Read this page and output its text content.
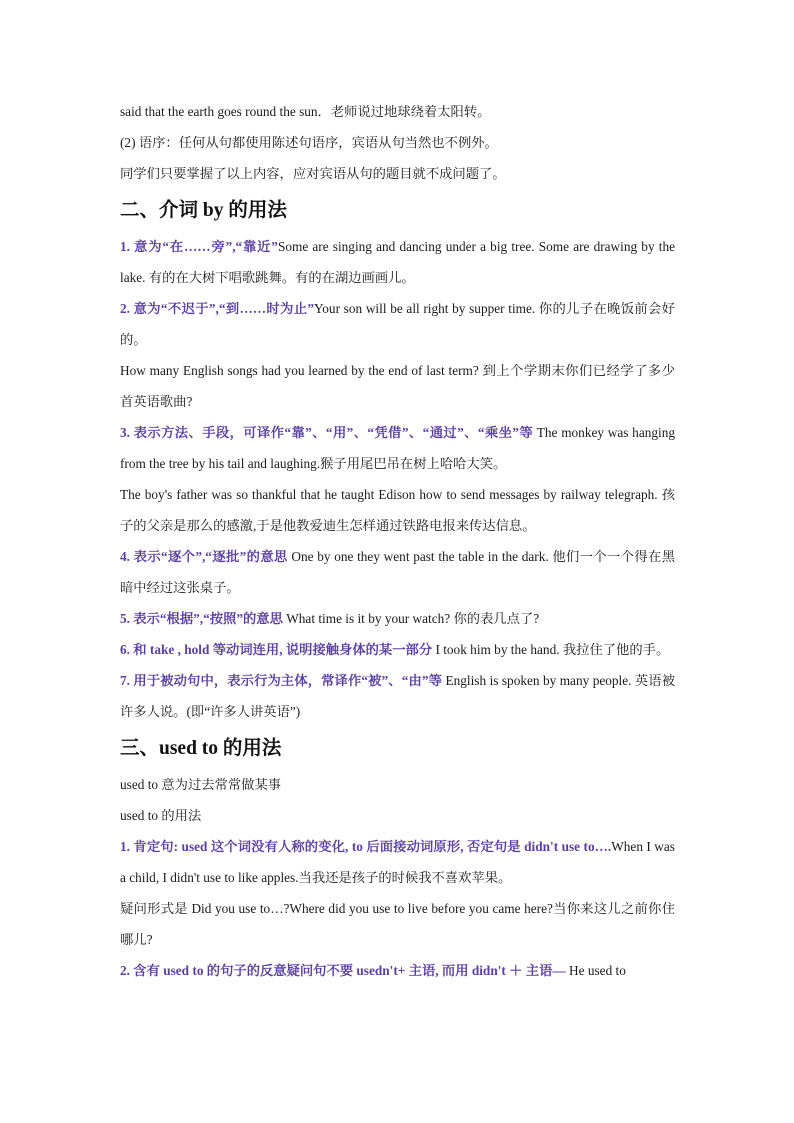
said that the earth goes round the sun．老师说过地球绕着太阳转。
(2) 语序：任何从句都使用陈述句语序，宾语从句当然也不例外。
同学们只要掌握了以上内容，应对宾语从句的题目就不成问题了。
二、介词 by 的用法
1. 意为“在……旁”,“靠近”Some are singing and dancing under a big tree. Some are drawing by the lake. 有的在大树下唱歌跳舞。有的在湖边画画儿。
2. 意为“不迟于”,“到……时为止”Your son will be all right by supper time. 你的儿子在晚饭前会好的。
How many English songs had you learned by the end of last term? 到上个学期末你们已经学了多少首英语歌曲?
3. 表示方法、手段，可译作“靠”、“用”、“凭借”、“通过”、“乘坐”等 The monkey was hanging from the tree by his tail and laughing.猴子用尾巴吊在树上哈哈大笑。
The boy's father was so thankful that he taught Edison how to send messages by railway telegraph. 孩子的父亲是那么的感激,于是他教爱迪生怎样通过铁路电报来传达信息。
4. 表示“逐个”,“逐批”的意思 One by one they went past the table in the dark. 他们一个一个得在黑暗中经过这张桌子。
5. 表示“根据”,“按照”的意思 What time is it by your watch? 你的表几点了?
6. 和 take , hold 等动词连用, 说明接触身体的某一部分 I took him by the hand. 我拉住了他的手。
7. 用于被动句中，表示行为主体，常译作“被”、“由”等 English is spoken by many people. 英语被许多人说。(即“许多人讲英语”)
三、used to 的用法
used to 意为过去常常做某事
used to 的用法
1. 肯定句: used 这个词没有人称的变化, to 后面接动词原形, 否定句是 didn't use to….When I was a child, I didn't use to like apples.当我还是孩子的时候我不喜欢苹果。
疑问形式是 Did you use to…?Where did you use to live before you came here?当你来这儿之前你住哪儿?
2. 含有 used to 的句子的反意疑问句不要 usedn't+ 主语, 而用 didn't ＋ 主语— He used to
